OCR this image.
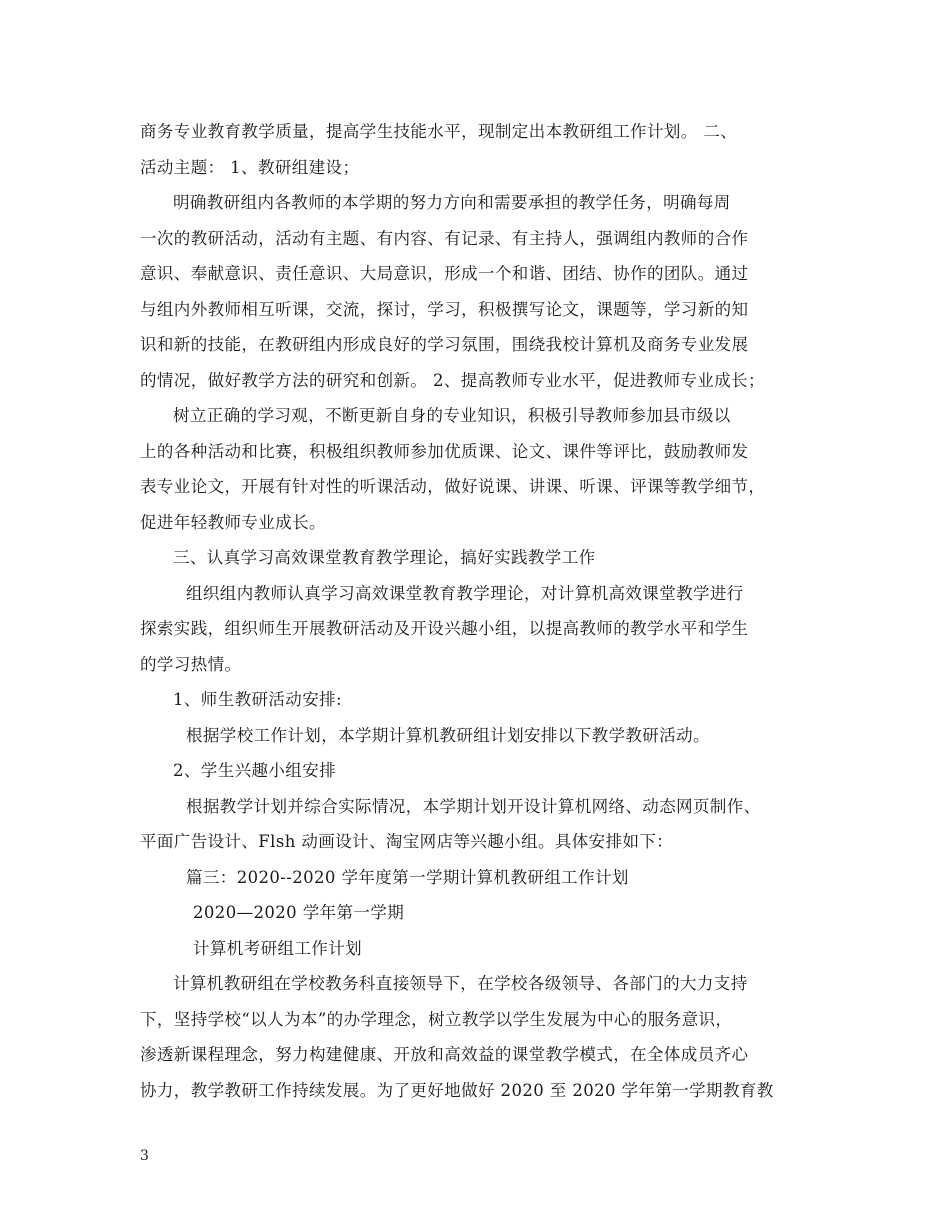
商务专业教育教学质量，提高学生技能水平，现制定出本教研组工作计划。 二、
活动主题： 1、教研组建设；
明确教研组内各教师的本学期的努力方向和需要承担的教学任务，明确每周
一次的教研活动，活动有主题、有内容、有记录、有主持人，强调组内教师的合作
意识、奉献意识、责任意识、大局意识，形成一个和谐、团结、协作的团队。通过
与组内外教师相互听课，交流，探讨，学习，积极撰写论文，课题等，学习新的知
识和新的技能，在教研组内形成良好的学习氛围，围绕我校计算机及商务专业发展
的情况，做好教学方法的研究和创新。 2、提高教师专业水平，促进教师专业成长；
树立正确的学习观，不断更新自身的专业知识，积极引导教师参加县市级以
上的各种活动和比赛，积极组织教师参加优质课、论文、课件等评比，鼓励教师发
表专业论文，开展有针对性的听课活动，做好说课、讲课、听课、评课等教学细节，
促进年轻教师专业成长。
三、认真学习高效课堂教育教学理论，搞好实践教学工作
组织组内教师认真学习高效课堂教育教学理论，对计算机高效课堂教学进行
探索实践，组织师生开展教研活动及开设兴趣小组，以提高教师的教学水平和学生
的学习热情。
1、师生教研活动安排:
根据学校工作计划，本学期计算机教研组计划安排以下教学教研活动。
2、学生兴趣小组安排
根据教学计划并综合实际情况，本学期计划开设计算机网络、动态网页制作、
平面广告设计、Flsh 动画设计、淘宝网店等兴趣小组。具体安排如下：
篇三：2020--2020 学年度第一学期计算机教研组工作计划
2020—2020 学年第一学期
计算机考研组工作计划
计算机教研组在学校教务科直接领导下，在学校各级领导、各部门的大力支持
下，坚持学校“以人为本”的办学理念，树立教学以学生发展为中心的服务意识，
渗透新课程理念，努力构建健康、开放和高效益的课堂教学模式，在全体成员齐心
协力，教学教研工作持续发展。为了更好地做好 2020 至 2020 学年第一学期教育教
3
